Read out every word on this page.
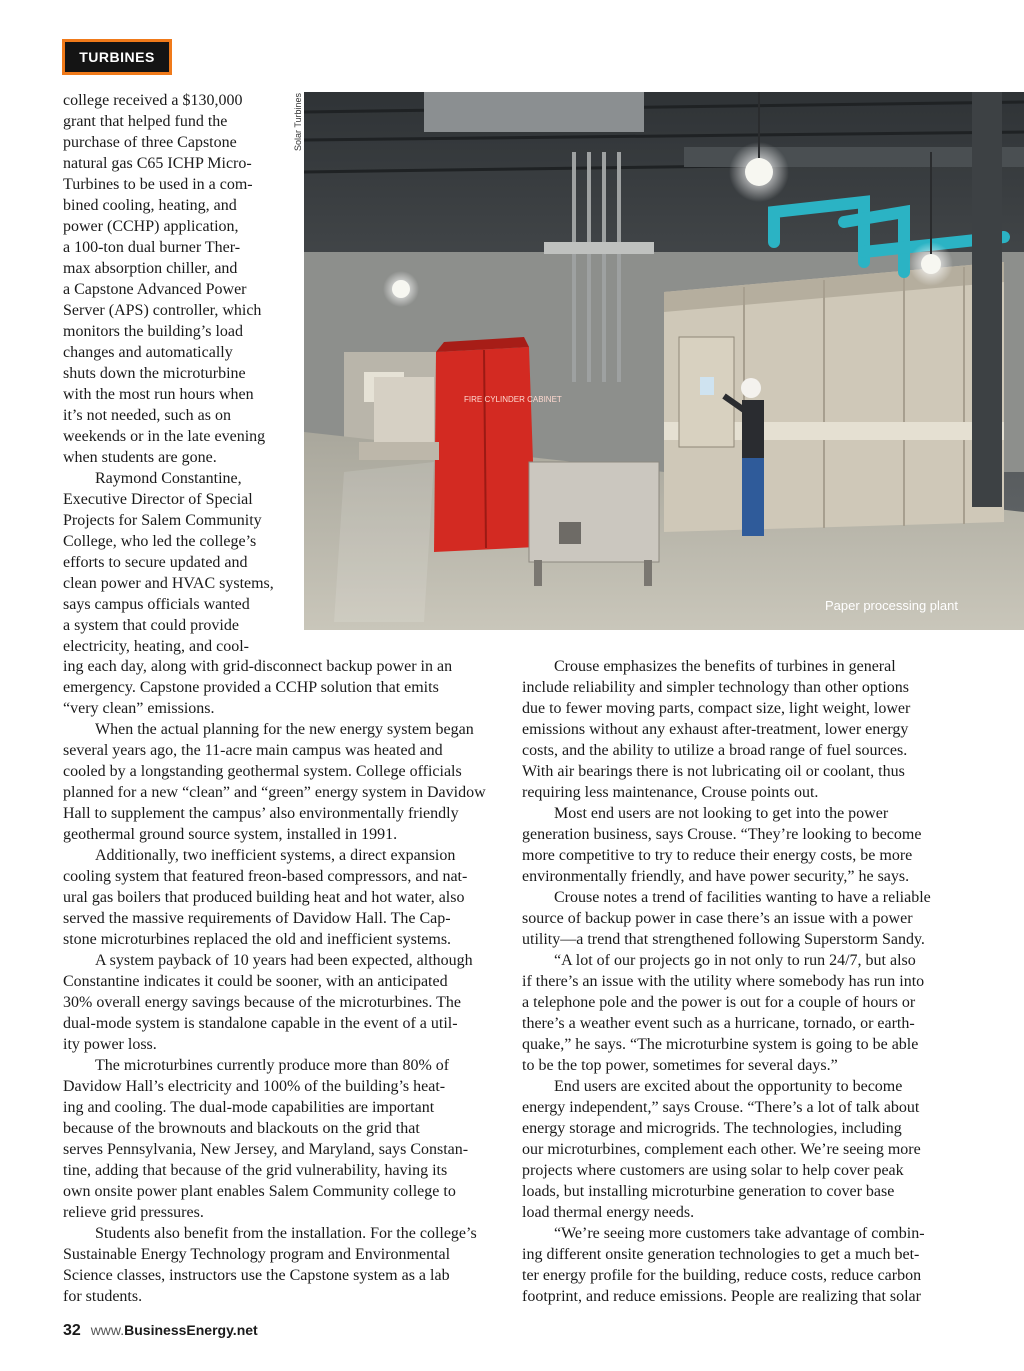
TURBINES
Solar Turbines
FIRE CYLINDER CABINET
Paper processing plant
college received a $130,000
grant that helped fund the
purchase of three Capstone
natural gas C65 ICHP Micro-
Turbines to be used in a com-
bined cooling, heating, and
power (CCHP) application,
a 100-ton dual burner Ther-
max absorption chiller, and
a Capstone Advanced Power
Server (APS) controller, which
monitors the building’s load
changes and automatically
shuts down the microturbine
with the most run hours when
it’s not needed, such as on
weekends or in the late evening
when students are gone.
Raymond Constantine,
Executive Director of Special
Projects for Salem Community
College, who led the college’s
efforts to secure updated and
clean power and HVAC systems,
says campus officials wanted
a system that could provide
electricity, heating, and cool-
ing each day, along with grid-disconnect backup power in an
emergency. Capstone provided a CCHP solution that emits
“very clean” emissions.
When the actual planning for the new energy system began
several years ago, the 11-acre main campus was heated and
cooled by a longstanding geothermal system. College officials
planned for a new “clean” and “green” energy system in Davidow
Hall to supplement the campus’ also environmentally friendly
geothermal ground source system, installed in 1991.
Additionally, two inefficient systems, a direct expansion
cooling system that featured freon-based compressors, and nat-
ural gas boilers that produced building heat and hot water, also
served the massive requirements of Davidow Hall. The Cap-
stone microturbines replaced the old and inefficient systems.
A system payback of 10 years had been expected, although
Constantine indicates it could be sooner, with an anticipated
30% overall energy savings because of the microturbines. The
dual-mode system is standalone capable in the event of a util-
ity power loss.
The microturbines currently produce more than 80% of
Davidow Hall’s electricity and 100% of the building’s heat-
ing and cooling. The dual-mode capabilities are important
because of the brownouts and blackouts on the grid that
serves Pennsylvania, New Jersey, and Maryland, says Constan-
tine, adding that because of the grid vulnerability, having its
own onsite power plant enables Salem Community college to
relieve grid pressures.
Students also benefit from the installation. For the college’s
Sustainable Energy Technology program and Environmental
Science classes, instructors use the Capstone system as a lab
for students.
Crouse emphasizes the benefits of turbines in general
include reliability and simpler technology than other options
due to fewer moving parts, compact size, light weight, lower
emissions without any exhaust after-treatment, lower energy
costs, and the ability to utilize a broad range of fuel sources.
With air bearings there is not lubricating oil or coolant, thus
requiring less maintenance, Crouse points out.
Most end users are not looking to get into the power
generation business, says Crouse. “They’re looking to become
more competitive to try to reduce their energy costs, be more
environmentally friendly, and have power security,” he says.
Crouse notes a trend of facilities wanting to have a reliable
source of backup power in case there’s an issue with a power
utility—a trend that strengthened following Superstorm Sandy.
“A lot of our projects go in not only to run 24/7, but also
if there’s an issue with the utility where somebody has run into
a telephone pole and the power is out for a couple of hours or
there’s a weather event such as a hurricane, tornado, or earth-
quake,” he says. “The microturbine system is going to be able
to be the top power, sometimes for several days.”
End users are excited about the opportunity to become
energy independent,” says Crouse. “There’s a lot of talk about
energy storage and microgrids. The technologies, including
our microturbines, complement each other. We’re seeing more
projects where customers are using solar to help cover peak
loads, but installing microturbine generation to cover base
load thermal energy needs.
“We’re seeing more customers take advantage of combin-
ing different onsite generation technologies to get a much bet-
ter energy profile for the building, reduce costs, reduce carbon
footprint, and reduce emissions. People are realizing that solar
32 www.BusinessEnergy.net
